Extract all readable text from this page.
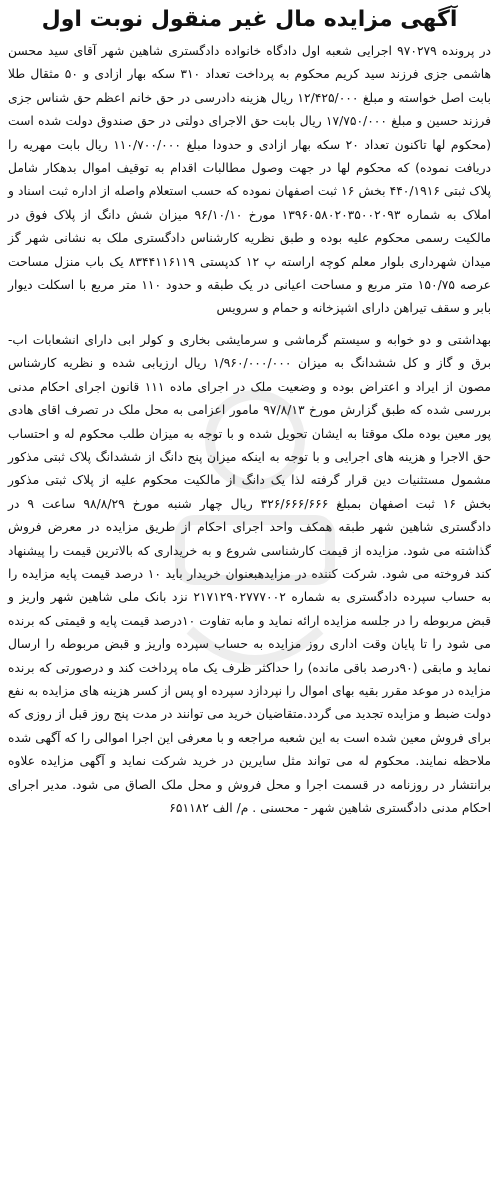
آگهی مزایده مال غیر منقول نوبت اول

در پرونده ۹۷۰۲۷۹ اجرایی شعبه اول دادگاه خانواده دادگستری شاهین شهر آقای سید محسن هاشمی جزی فرزند سید کریم محکوم به پرداخت تعداد ۳۱۰ سکه بهار ازادی و ۵۰ مثقال طلا بابت اصل خواسته و مبلغ ۱۲/۴۲۵/۰۰۰ ریال هزینه دادرسی در حق خانم اعظم حق شناس جزی فرزند حسین و مبلغ ۱۷/۷۵۰/۰۰۰ ریال بابت حق الاجرای دولتی در حق صندوق دولت شده است (محکوم لها تاکنون تعداد ۲۰ سکه بهار ازادی و حدودا مبلغ ۱۱۰/۷۰۰/۰۰۰ ریال بابت مهریه را دریافت نموده) که محکوم لها در جهت وصول مطالبات اقدام به توقیف اموال بدهکار شامل پلاک ثبتی ۴۴۰/۱۹۱۶ بخش ۱۶ ثبت اصفهان نموده که حسب استعلام واصله از اداره ثبت اسناد و املاک به شماره ۱۳۹۶۰۵۸۰۲۰۳۵۰۰۲۰۹۳ مورخ ۹۶/۱۰/۱۰ میزان شش دانگ از پلاک فوق در مالکیت رسمی محکوم علیه بوده و طبق نظریه کارشناس دادگستری ملک به نشانی شهر گز میدان شهرداری بلوار معلم کوچه اراسته پ ۱۲ کدپستی ۸۳۴۴۱۱۶۱۱۹ یک باب منزل مساحت عرصه ۱۵۰/۷۵ متر مربع و مساحت اعیانی در یک طبقه و حدود ۱۱۰ متر مربع با اسکلت دیوار بابر و سقف تیراهن دارای اشپزخانه و حمام و سرویس

بهداشتی و دو خوابه و سیستم گرماشی و سرمایشی بخاری و کولر ابی دارای انشعابات اب- برق و گاز و کل ششدانگ به میزان ۱/۹۶۰/۰۰۰/۰۰۰ ریال ارزیابی شده و نظریه کارشناس مصون از ایراد و اعتراض بوده و وضعیت ملک در اجرای ماده ۱۱۱ قانون اجرای احکام مدنی بررسی شده که طبق گزارش مورخ ۹۷/۸/۱۳ مامور اعزامی به محل ملک در تصرف اقای هادی پور معین بوده ملک موقتا به ایشان تحویل شده و با توجه به میزان طلب محکوم له و احتساب حق الاجرا و هزینه های اجرایی و با توجه به اینکه میزان پنج دانگ از ششدانگ پلاک ثبتی مذکور مشمول مستثنیات دین قرار گرفته لذا یک دانگ از مالکیت محکوم علیه از پلاک ثبتی مذکور بخش ۱۶ ثبت اصفهان بمبلغ ۳۲۶/۶۶۶/۶۶۶ ریال چهار شنبه مورخ ۹۸/۸/۲۹ ساعت ۹ در دادگستری شاهین شهر طبقه همکف واحد اجرای احکام از طریق مزایده در معرض فروش گذاشته می شود. مزایده از قیمت کارشناسی شروع و به خریداری که بالاترین قیمت را پیشنهاد کند فروخته می شود. شرکت کننده در مزایدهبعنوان خریدار باید ۱۰ درصد قیمت پایه مزایده را به حساب سپرده دادگستری به شماره ۲۱۷۱۲۹۰۲۷۷۷۰۰۲ نزد بانک ملی شاهین شهر واریز و قبض مربوطه را در جلسه مزایده ارائه نماید و مابه تفاوت ۱۰درصد قیمت پایه و قیمتی که برنده می شود را تا پایان وقت اداری روز مزایده به حساب سپرده واریز و قبض مربوطه را ارسال نماید و مابقی (۹۰درصد باقی مانده) را حداکثر ظرف یک ماه پرداخت کند و درصورتی که برنده مزایده در موعد مقرر بقیه بهای اموال را نپردازد سپرده او پس از کسر هزینه های مزایده به نفع دولت ضبط و مزایده تجدید می گردد.متقاضیان خرید می توانند در مدت پنج روز قبل از روزی که برای فروش معین شده است به این شعبه مراجعه و با معرفی این اجرا اموالی را که آگهی شده ملاحظه نمایند. محکوم له می تواند مثل سایرین در خرید شرکت نماید و آگهی مزایده علاوه برانتشار در روزنامه در قسمت اجرا و محل فروش و محل ملک الصاق می شود. مدیر اجرای احکام مدنی دادگستری شاهین شهر - محسنی . م/ الف ۶۵۱۱۸۲
